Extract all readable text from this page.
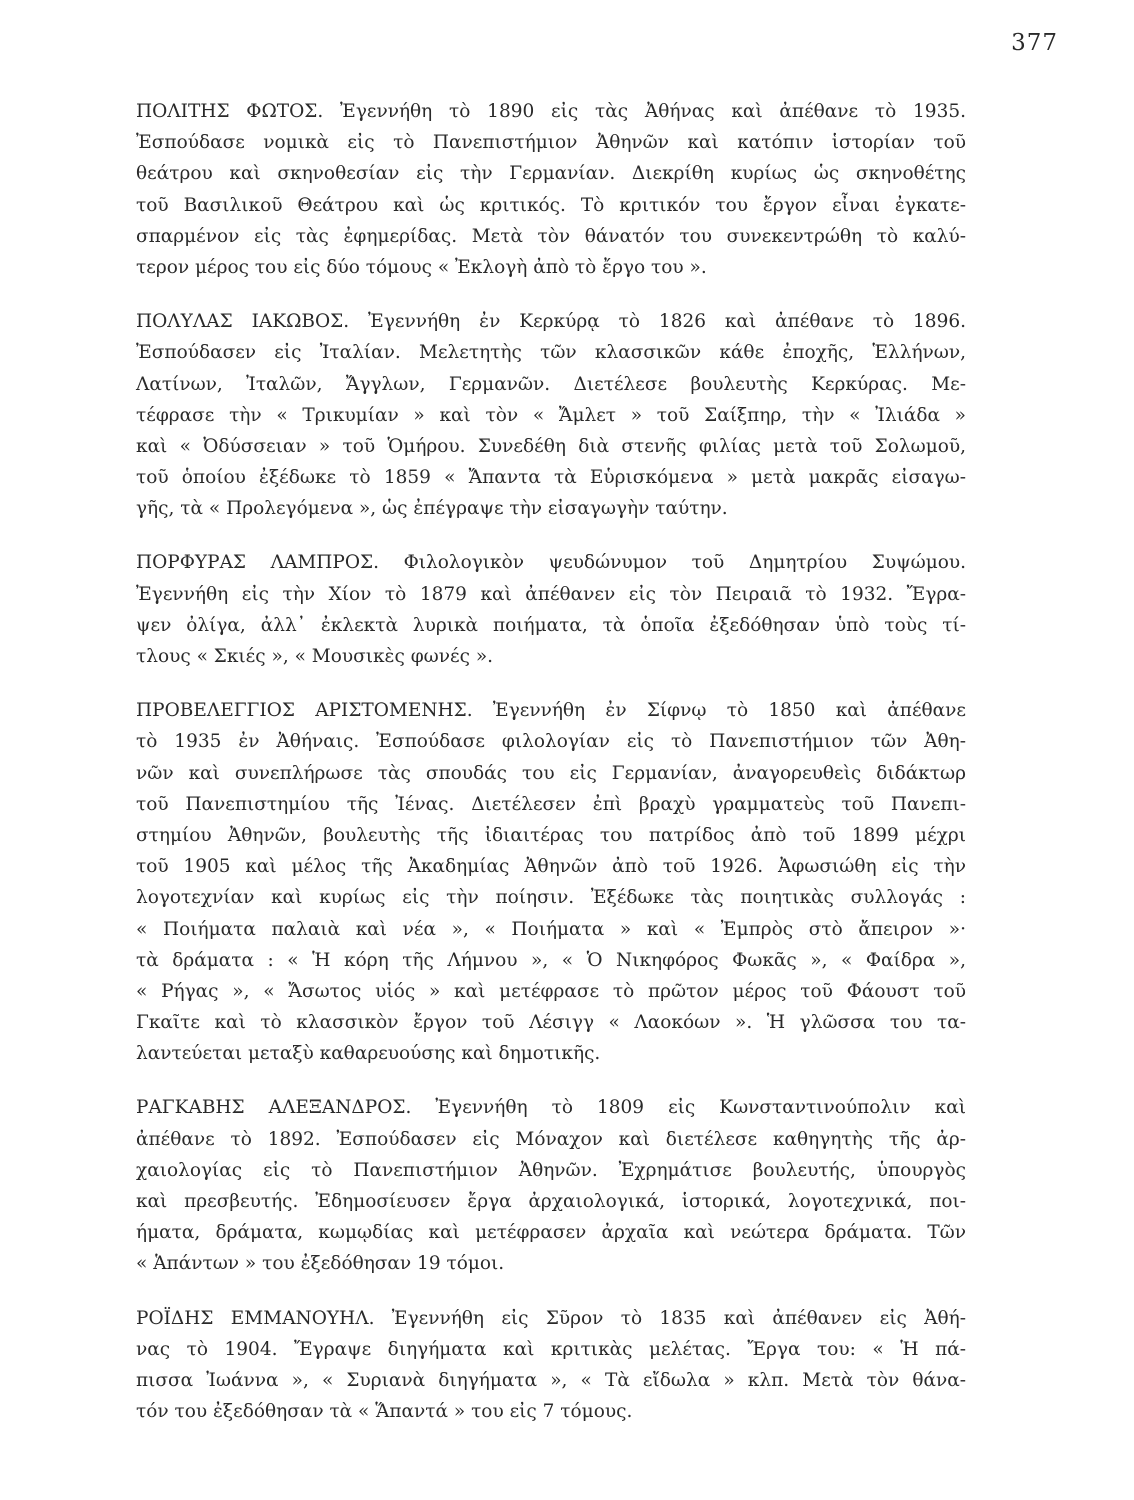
377
ΠΟΛΙΤΗΣ ΦΩΤΟΣ. Ἐγεννήθη τὸ 1890 εἰς τὰς Ἀθήνας καὶ ἀπέθανε τὸ 1935.
Ἐσπούδασε νομικὰ εἰς τὸ Πανεπιστήμιον Ἀθηνῶν καὶ κατόπιν ἱστορίαν τοῦ
θεάτρου καὶ σκηνοθεσίαν εἰς τὴν Γερμανίαν. Διεκρίθη κυρίως ὡς σκηνοθέτης
τοῦ Βασιλικοῦ Θεάτρου καὶ ὡς κριτικός. Τὸ κριτικόν του ἔργον εἶναι ἐγκατε-
σπαρμένον εἰς τὰς ἐφημερίδας. Μετὰ τὸν θάνατόν του συνεκεντρώθη τὸ καλύ-
τερον μέρος του εἰς δύο τόμους « Ἐκλογὴ ἀπὸ τὸ ἔργο του ».
ΠΟΛΥΛΑΣ ΙΑΚΩΒΟΣ. Ἐγεννήθη ἐν Κερκύρᾳ τὸ 1826 καὶ ἀπέθανε τὸ 1896.
Ἐσπούδασεν εἰς Ἰταλίαν. Μελετητὴς τῶν κλασσικῶν κάθε ἐποχῆς, Ἑλλήνων,
Λατίνων, Ἰταλῶν, Ἄγγλων, Γερμανῶν. Διετέλεσε βουλευτὴς Κερκύρας. Με-
τέφρασε τὴν « Τρικυμίαν » καὶ τὸν « Ἄμλετ » τοῦ Σαίξπηρ, τὴν « Ἰλιάδα »
καὶ « Ὀδύσσειαν » τοῦ Ὁμήρου. Συνεδέθη διὰ στενῆς φιλίας μετὰ τοῦ Σολωμοῦ,
τοῦ ὁποίου ἐξέδωκε τὸ 1859 « Ἄπαντα τὰ Εὑρισκόμενα » μετὰ μακρᾶς εἰσαγω-
γῆς, τὰ « Προλεγόμενα », ὡς ἐπέγραψε τὴν εἰσαγωγὴν ταύτην.
ΠΟΡΦΥΡΑΣ ΛΑΜΠΡΟΣ. Φιλολογικὸν ψευδώνυμον τοῦ Δημητρίου Συψώμου.
Ἐγεννήθη εἰς τὴν Χίον τὸ 1879 καὶ ἀπέθανεν εἰς τὸν Πειραιᾶ τὸ 1932. Ἔγρα-
ψεν ὀλίγα, ἀλλ᾽ ἐκλεκτὰ λυρικὰ ποιήματα, τὰ ὁποῖα ἐξεδόθησαν ὑπὸ τοὺς τί-
τλους « Σκιές », « Μουσικὲς φωνές ».
ΠΡΟΒΕΛΕΓΓΙΟΣ ΑΡΙΣΤΟΜΕΝΗΣ. Ἐγεννήθη ἐν Σίφνῳ τὸ 1850 καὶ ἀπέθανε
τὸ 1935 ἐν Ἀθήναις. Ἐσπούδασε φιλολογίαν εἰς τὸ Πανεπιστήμιον τῶν Ἀθη-
νῶν καὶ συνεπλήρωσε τὰς σπουδάς του εἰς Γερμανίαν, ἀναγορευθεὶς διδάκτωρ
τοῦ Πανεπιστημίου τῆς Ἰένας. Διετέλεσεν ἐπὶ βραχὺ γραμματεὺς τοῦ Πανεπι-
στημίου Ἀθηνῶν, βουλευτὴς τῆς ἰδιαιτέρας του πατρίδος ἀπὸ τοῦ 1899 μέχρι
τοῦ 1905 καὶ μέλος τῆς Ἀκαδημίας Ἀθηνῶν ἀπὸ τοῦ 1926. Ἀφωσιώθη εἰς τὴν
λογοτεχνίαν καὶ κυρίως εἰς τὴν ποίησιν. Ἐξέδωκε τὰς ποιητικὰς συλλογάς :
« Ποιήματα παλαιὰ καὶ νέα », « Ποιήματα » καὶ « Ἐμπρὸς στὸ ἄπειρον »·
τὰ δράματα : « Ἡ κόρη τῆς Λήμνου », « Ὁ Νικηφόρος Φωκᾶς », « Φαίδρα »,
« Ρήγας », « Ἄσωτος υἱός » καὶ μετέφρασε τὸ πρῶτον μέρος τοῦ Φάουστ τοῦ
Γκαῖτε καὶ τὸ κλασσικὸν ἔργον τοῦ Λέσιγγ « Λαοκόων ». Ἡ γλῶσσα του τα-
λαντεύεται μεταξὺ καθαρευούσης καὶ δημοτικῆς.
ΡΑΓΚΑΒΗΣ ΑΛΕΞΑΝΔΡΟΣ. Ἐγεννήθη τὸ 1809 εἰς Κωνσταντινούπολιν καὶ
ἀπέθανε τὸ 1892. Ἐσπούδασεν εἰς Μόναχον καὶ διετέλεσε καθηγητὴς τῆς ἀρ-
χαιολογίας εἰς τὸ Πανεπιστήμιον Ἀθηνῶν. Ἐχρημάτισε βουλευτής, ὑπουργὸς
καὶ πρεσβευτής. Ἐδημοσίευσεν ἔργα ἀρχαιολογικά, ἱστορικά, λογοτεχνικά, ποι-
ήματα, δράματα, κωμῳδίας καὶ μετέφρασεν ἀρχαῖα καὶ νεώτερα δράματα. Τῶν
« Ἁπάντων » του ἐξεδόθησαν 19 τόμοι.
ΡΟΪΔΗΣ ΕΜΜΑΝΟΥΗΛ. Ἐγεννήθη εἰς Σῦρον τὸ 1835 καὶ ἀπέθανεν εἰς Ἀθή-
νας τὸ 1904. Ἔγραψε διηγήματα καὶ κριτικὰς μελέτας. Ἔργα του: « Ἡ πά-
πισσα Ἰωάννα », « Συριανὰ διηγήματα », « Τὰ εἴδωλα » κλπ. Μετὰ τὸν θάνα-
τόν του ἐξεδόθησαν τὰ « Ἅπαντά » του εἰς 7 τόμους.
